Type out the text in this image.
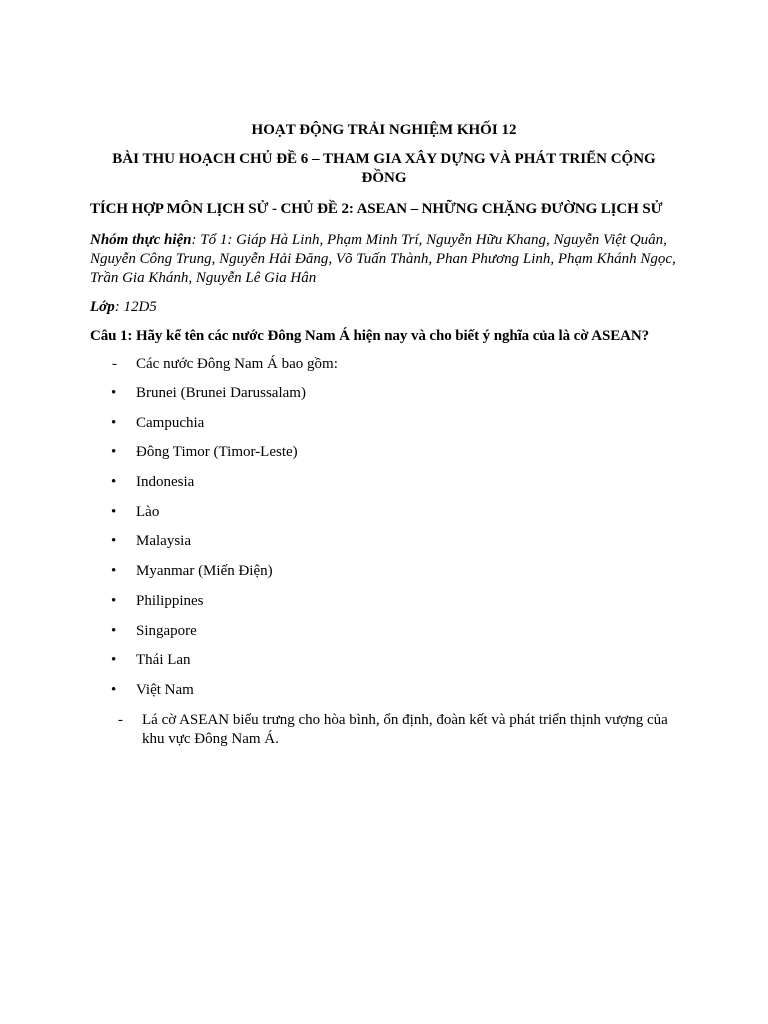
HOẠT ĐỘNG TRẢI NGHIỆM KHỐI 12

BÀI THU HOẠCH CHỦ ĐỀ 6 – THAM GIA XÂY DỰNG VÀ PHÁT TRIỂN CỘNG ĐỒNG

TÍCH HỢP MÔN LỊCH SỬ - CHỦ ĐỀ 2: ASEAN – NHỮNG CHẶNG ĐƯỜNG LỊCH SỬ

Nhóm thực hiện: Tổ 1: Giáp Hà Linh, Phạm Minh Trí, Nguyễn Hữu Khang, Nguyễn Việt Quân, Nguyễn Công Trung, Nguyễn Hải Đăng, Võ Tuấn Thành, Phan Phương Linh, Phạm Khánh Ngọc, Trần Gia Khánh, Nguyễn Lê Gia Hân

Lớp: 12D5

Câu 1: Hãy kể tên các nước Đông Nam Á hiện nay và cho biết ý nghĩa của là cờ ASEAN?

- Các nước Đông Nam Á bao gồm:
• Brunei (Brunei Darussalam)
• Campuchia
• Đông Timor (Timor-Leste)
• Indonesia
• Lào
• Malaysia
• Myanmar (Miến Điện)
• Philippines
• Singapore
• Thái Lan
• Việt Nam
- Lá cờ ASEAN biểu trưng cho hòa bình, ổn định, đoàn kết và phát triển thịnh vượng của khu vực Đông Nam Á.
